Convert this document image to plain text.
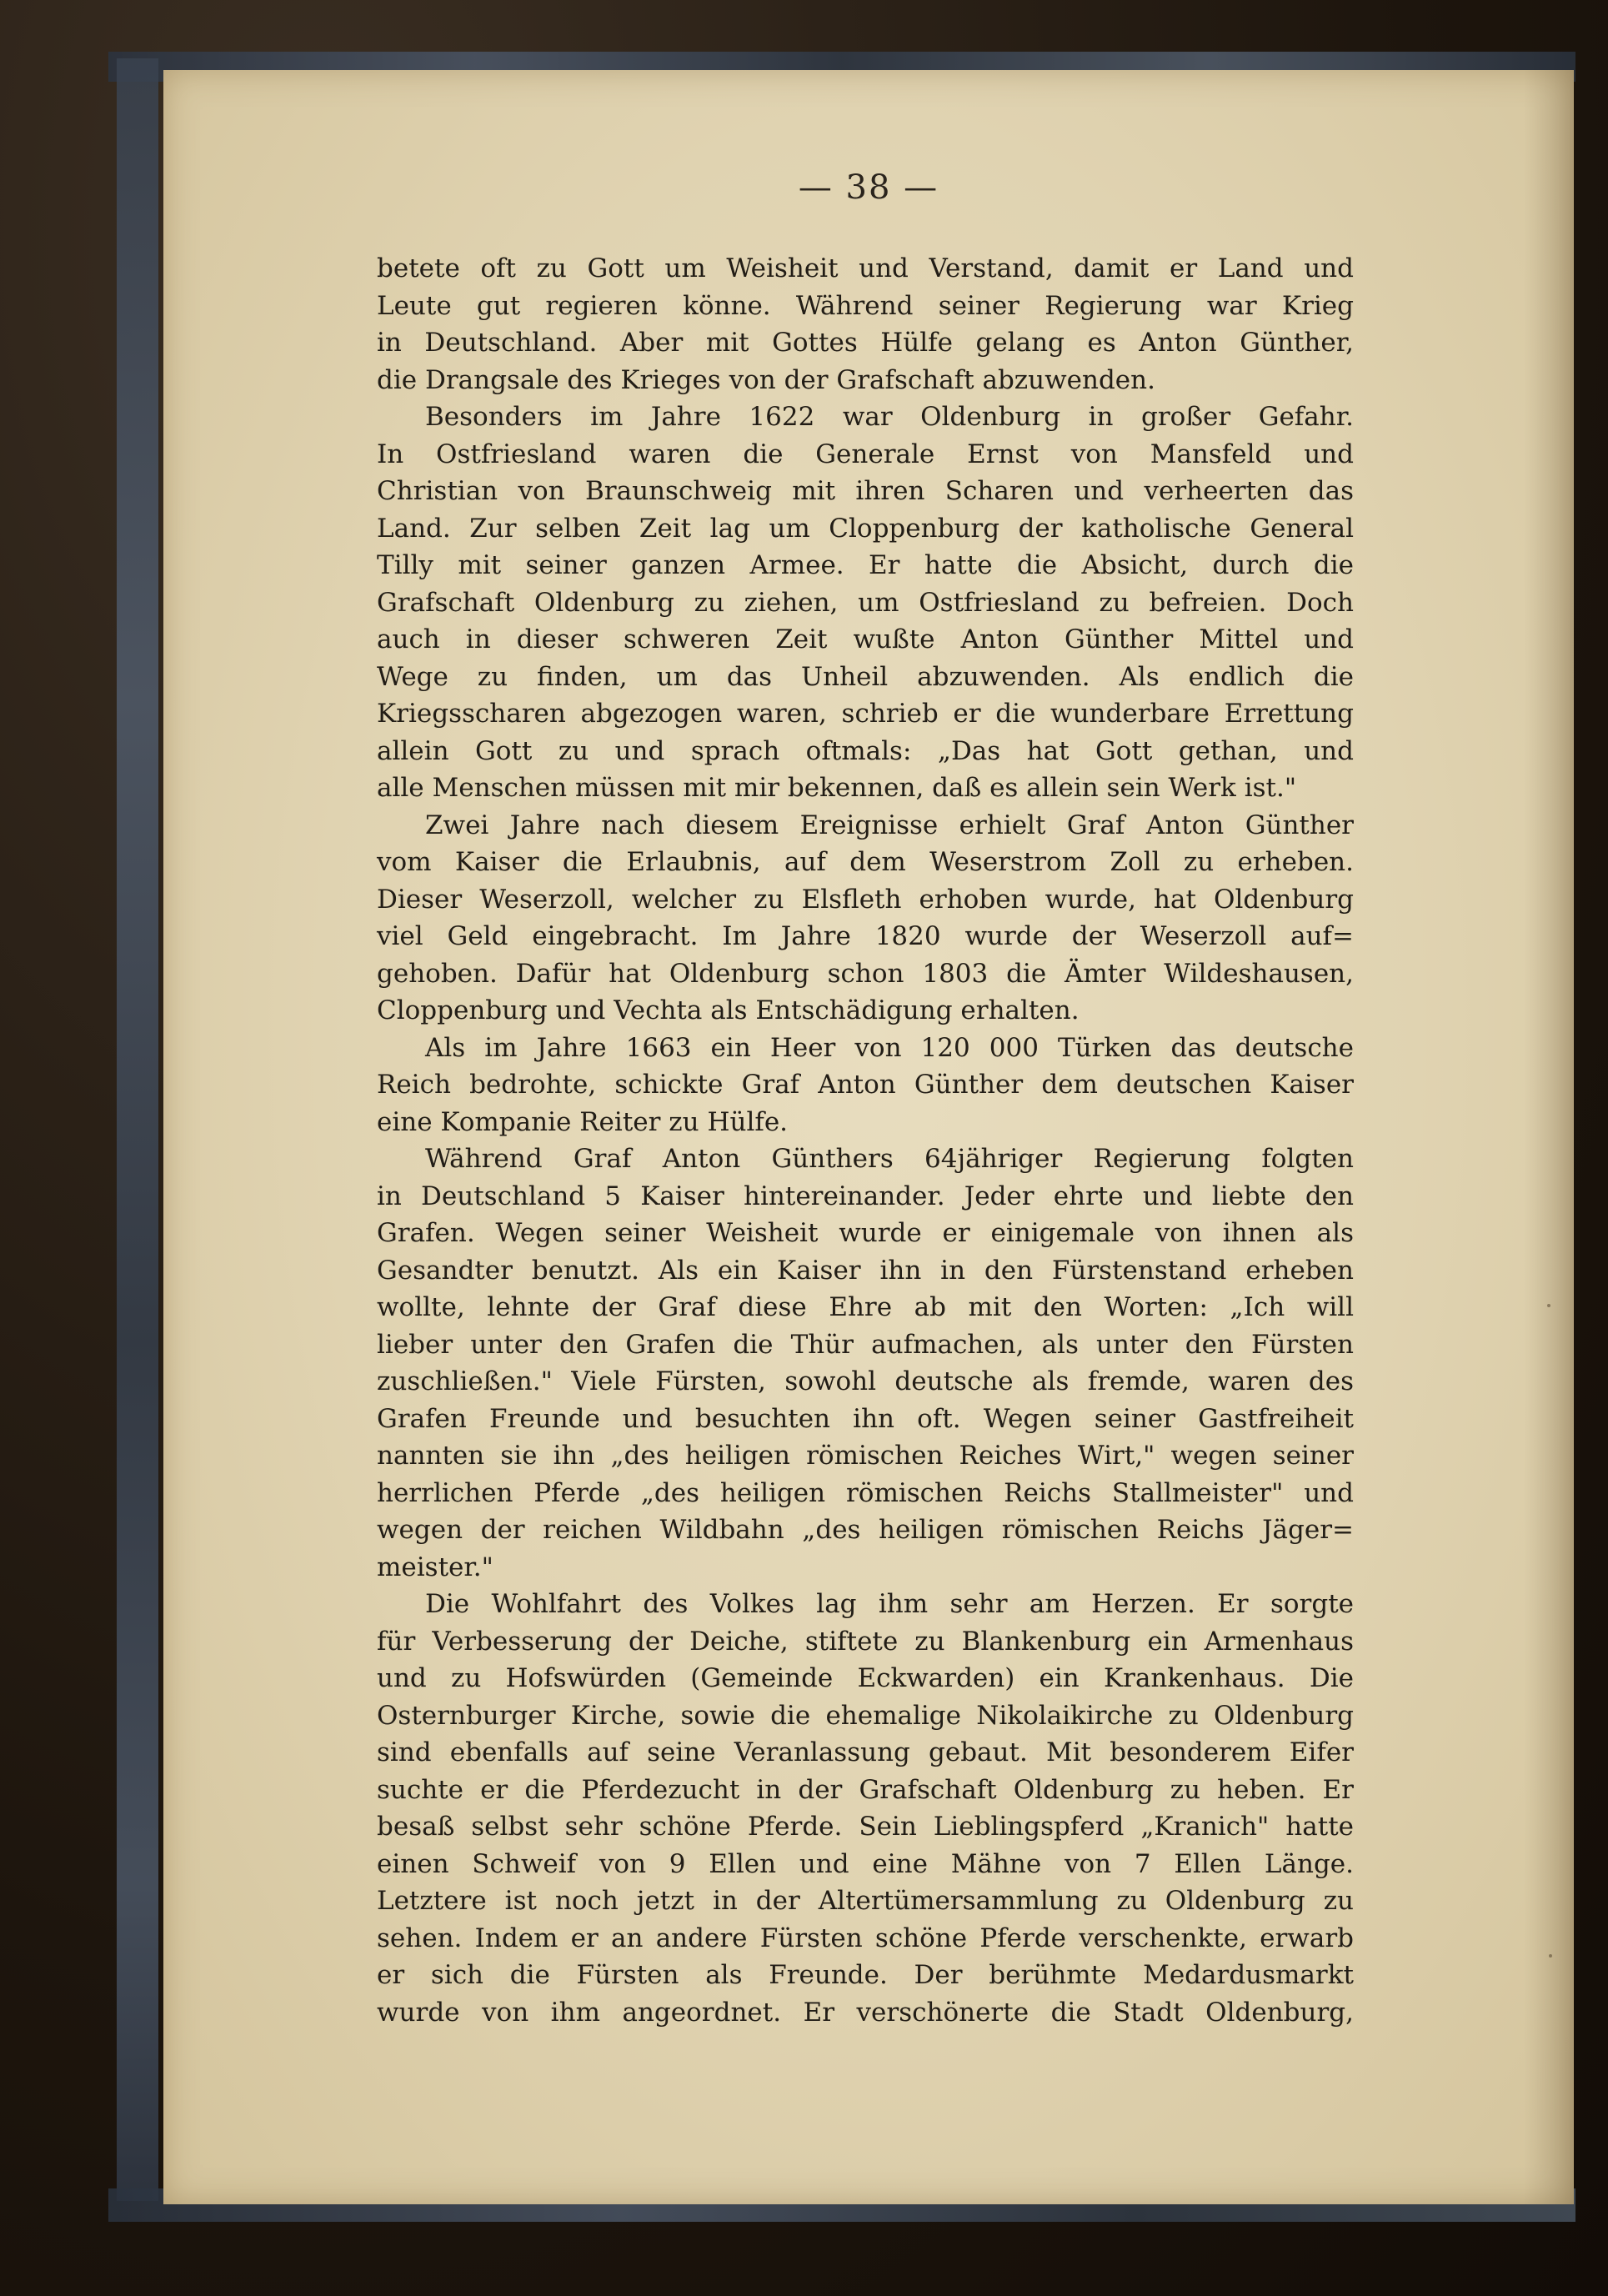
— 38 —
betete oft zu Gott um Weisheit und Verstand, damit er Land und
Leute gut regieren könne. Während seiner Regierung war Krieg
in Deutschland. Aber mit Gottes Hülfe gelang es Anton Günther,
die Drangsale des Krieges von der Grafschaft abzuwenden.
Besonders im Jahre 1622 war Oldenburg in großer Gefahr.
In Ostfriesland waren die Generale Ernst von Mansfeld und
Christian von Braunschweig mit ihren Scharen und verheerten das
Land. Zur selben Zeit lag um Cloppenburg der katholische General
Tilly mit seiner ganzen Armee. Er hatte die Absicht, durch die
Grafschaft Oldenburg zu ziehen, um Ostfriesland zu befreien. Doch
auch in dieser schweren Zeit wußte Anton Günther Mittel und
Wege zu finden, um das Unheil abzuwenden. Als endlich die
Kriegsscharen abgezogen waren, schrieb er die wunderbare Errettung
allein Gott zu und sprach oftmals: „Das hat Gott gethan, und
alle Menschen müssen mit mir bekennen, daß es allein sein Werk ist."
Zwei Jahre nach diesem Ereignisse erhielt Graf Anton Günther
vom Kaiser die Erlaubnis, auf dem Weserstrom Zoll zu erheben.
Dieser Weserzoll, welcher zu Elsfleth erhoben wurde, hat Oldenburg
viel Geld eingebracht. Im Jahre 1820 wurde der Weserzoll auf=
gehoben. Dafür hat Oldenburg schon 1803 die Ämter Wildeshausen,
Cloppenburg und Vechta als Entschädigung erhalten.
Als im Jahre 1663 ein Heer von 120 000 Türken das deutsche
Reich bedrohte, schickte Graf Anton Günther dem deutschen Kaiser
eine Kompanie Reiter zu Hülfe.
Während Graf Anton Günthers 64jähriger Regierung folgten
in Deutschland 5 Kaiser hintereinander. Jeder ehrte und liebte den
Grafen. Wegen seiner Weisheit wurde er einigemale von ihnen als
Gesandter benutzt. Als ein Kaiser ihn in den Fürstenstand erheben
wollte, lehnte der Graf diese Ehre ab mit den Worten: „Ich will
lieber unter den Grafen die Thür aufmachen, als unter den Fürsten
zuschließen." Viele Fürsten, sowohl deutsche als fremde, waren des
Grafen Freunde und besuchten ihn oft. Wegen seiner Gastfreiheit
nannten sie ihn „des heiligen römischen Reiches Wirt," wegen seiner
herrlichen Pferde „des heiligen römischen Reichs Stallmeister" und
wegen der reichen Wildbahn „des heiligen römischen Reichs Jäger=
meister."
Die Wohlfahrt des Volkes lag ihm sehr am Herzen. Er sorgte
für Verbesserung der Deiche, stiftete zu Blankenburg ein Armenhaus
und zu Hofswürden (Gemeinde Eckwarden) ein Krankenhaus. Die
Osternburger Kirche, sowie die ehemalige Nikolaikirche zu Oldenburg
sind ebenfalls auf seine Veranlassung gebaut. Mit besonderem Eifer
suchte er die Pferdezucht in der Grafschaft Oldenburg zu heben. Er
besaß selbst sehr schöne Pferde. Sein Lieblingspferd „Kranich" hatte
einen Schweif von 9 Ellen und eine Mähne von 7 Ellen Länge.
Letztere ist noch jetzt in der Altertümersammlung zu Oldenburg zu
sehen. Indem er an andere Fürsten schöne Pferde verschenkte, erwarb
er sich die Fürsten als Freunde. Der berühmte Medardusmarkt
wurde von ihm angeordnet. Er verschönerte die Stadt Oldenburg,
